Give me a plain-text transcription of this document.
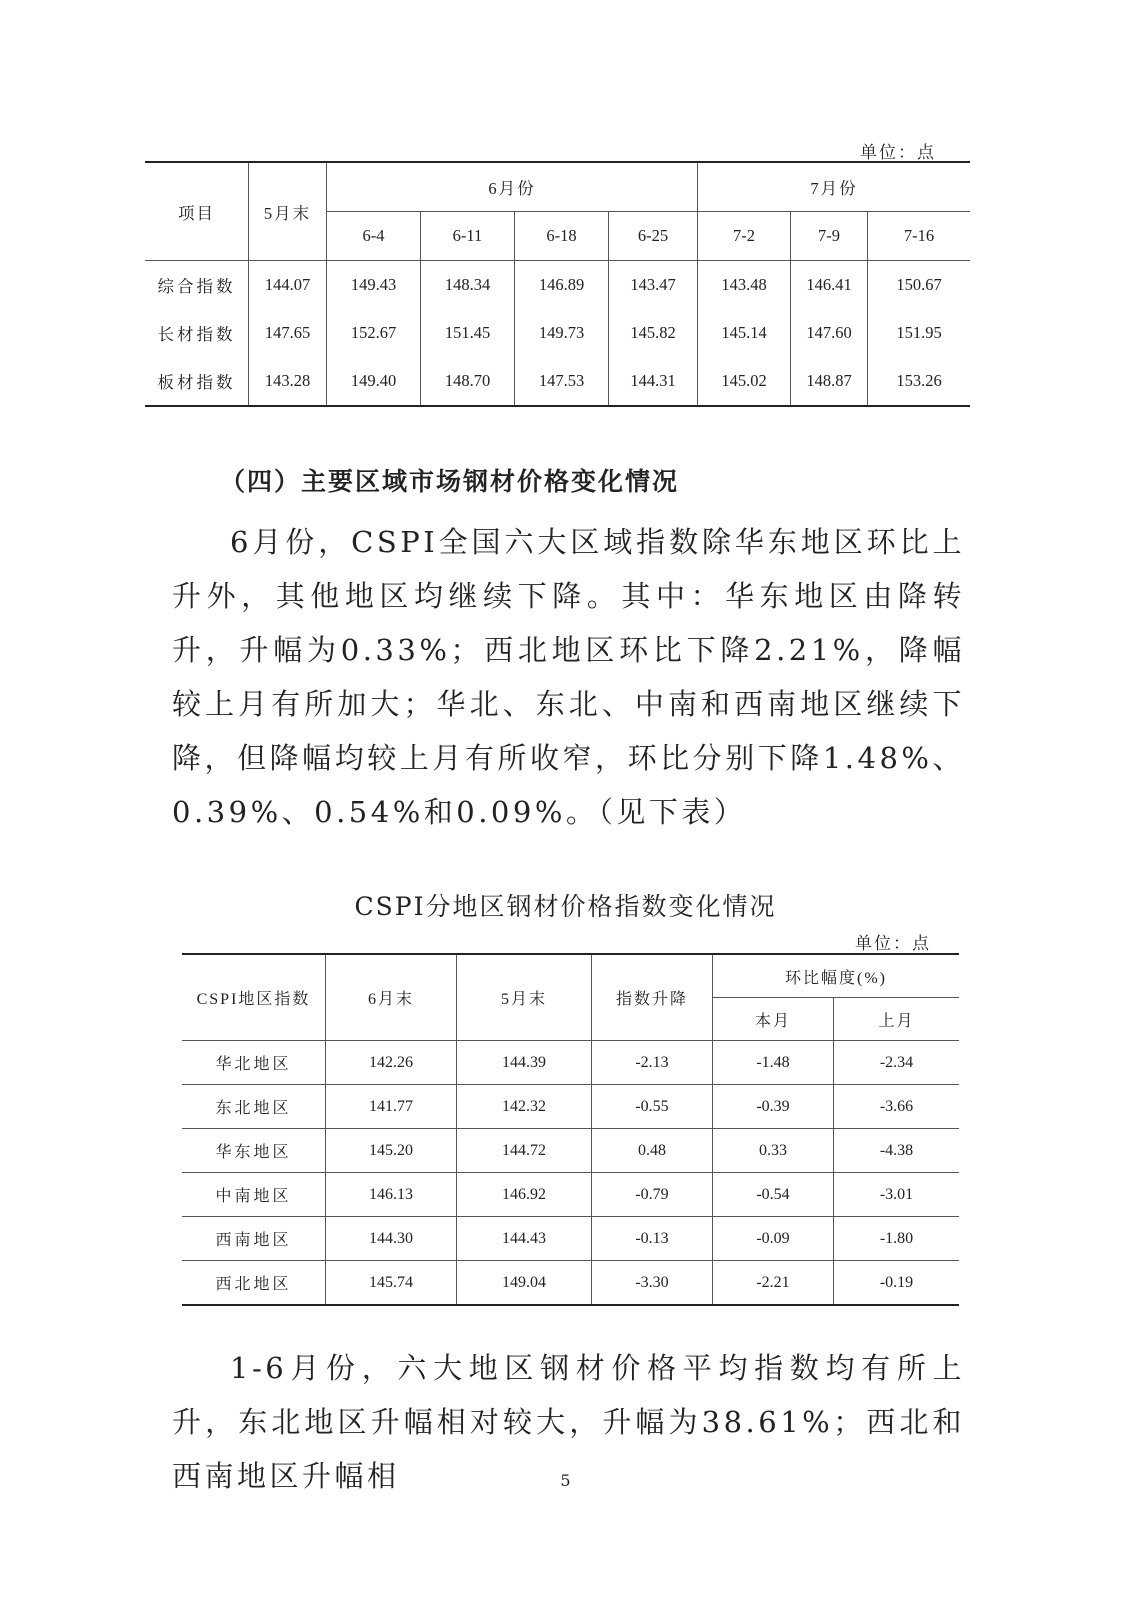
单位：点
项目	5月末	6月份				7月份		
		6-4	6-11	6-18	6-25	7-2	7-9	7-16
综合指数	144.07	149.43	148.34	146.89	143.47	143.48	146.41	150.67
长材指数	147.65	152.67	151.45	149.73	145.82	145.14	147.60	151.95
板材指数	143.28	149.40	148.70	147.53	144.31	145.02	148.87	153.26
（四）主要区域市场钢材价格变化情况

6月份，CSPI全国六大区域指数除华东地区环比上升外，其他地区均继续下降。其中：华东地区由降转升，升幅为0.33%；西北地区环比下降2.21%，降幅较上月有所加大；华北、东北、中南和西南地区继续下降，但降幅均较上月有所收窄，环比分别下降1.48%、0.39%、0.54%和0.09%。（见下表）

CSPI分地区钢材价格指数变化情况
单位：点
CSPI地区指数	6月末	5月末	指数升降	环比幅度(%)	
				本月	上月
华北地区	142.26	144.39	-2.13	-1.48	-2.34
东北地区	141.77	142.32	-0.55	-0.39	-3.66
华东地区	145.20	144.72	0.48	0.33	-4.38
中南地区	146.13	146.92	-0.79	-0.54	-3.01
西南地区	144.30	144.43	-0.13	-0.09	-1.80
西北地区	145.74	149.04	-3.30	-2.21	-0.19

1-6月份，六大地区钢材价格平均指数均有所上升，东北地区升幅相对较大，升幅为38.61%；西北和西南地区升幅相	5
